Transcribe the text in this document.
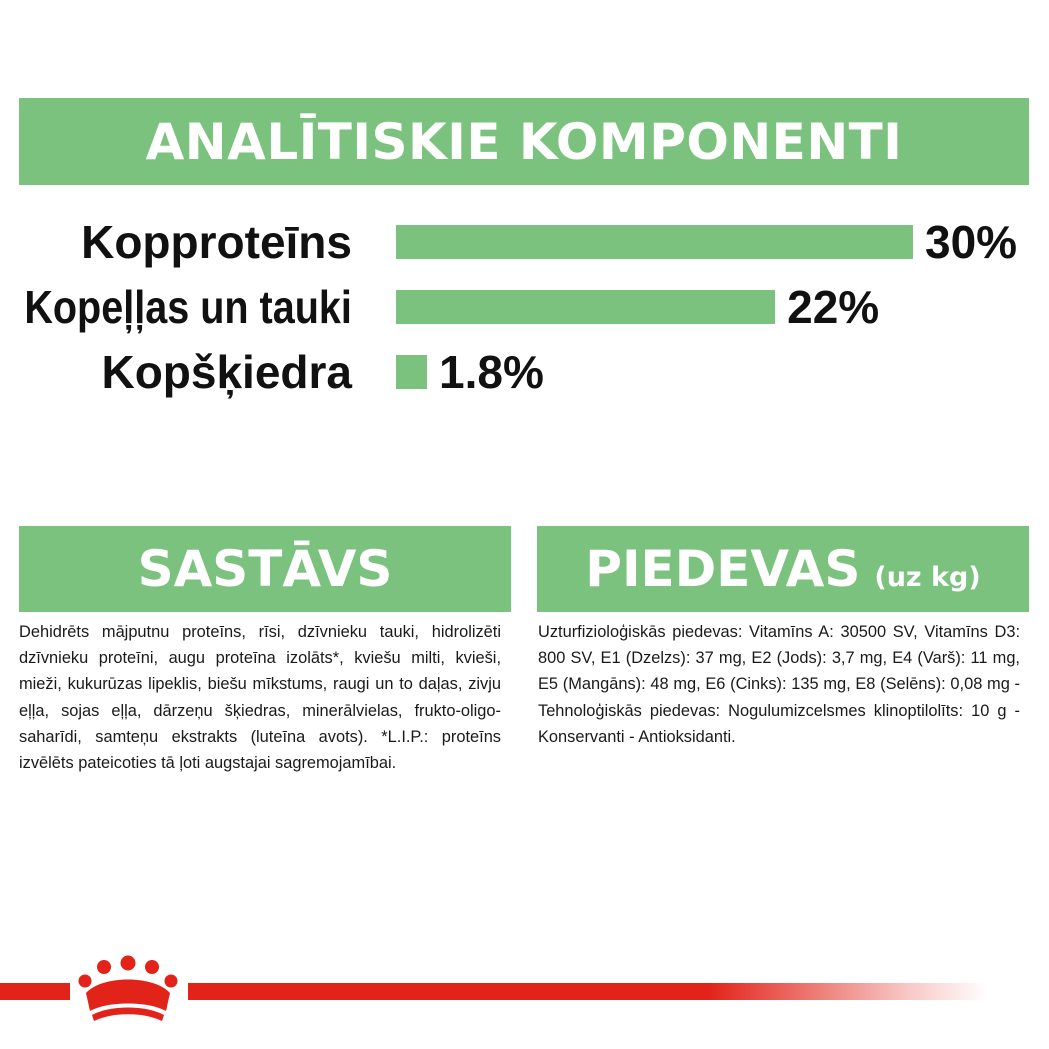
ANALĪTISKIE KOMPONENTI
Kopproteīns	30%
Kopeļļas un tauki	22%
Kopšķiedra 1.8%
SASTĀVS
Dehidrēts mājputnu proteīns, rīsi, dzīvnieku tauki, hidrolizēti dzīvnieku proteīni, augu proteīna izolāts*, kviešu milti, kvieši, mieži, kukurūzas lipeklis, biešu mīkstums, raugi un to daļas, zivju eļļa, sojas eļļa, dārzeņu šķiedras, minerālvielas, frukto-oligo-saharīdi, samteņu ekstrakts (luteīna avots). *L.I.P.: proteīns izvēlēts pateicoties tā ļoti augstajai sagremojamībai.
PIEDEVAS (uz kg)
Uzturfizioloģiskās piedevas: Vitamīns A: 30500 SV, Vitamīns D3: 800 SV, E1 (Dzelzs): 37 mg, E2 (Jods): 3,7 mg, E4 (Varš): 11 mg, E5 (Mangāns): 48 mg, E6 (Cinks): 135 mg, E8 (Selēns): 0,08 mg - Tehnoloģiskās piedevas: Nogulumizcelsmes klinoptilolīts: 10 g - Konservanti - Antioksidanti.
